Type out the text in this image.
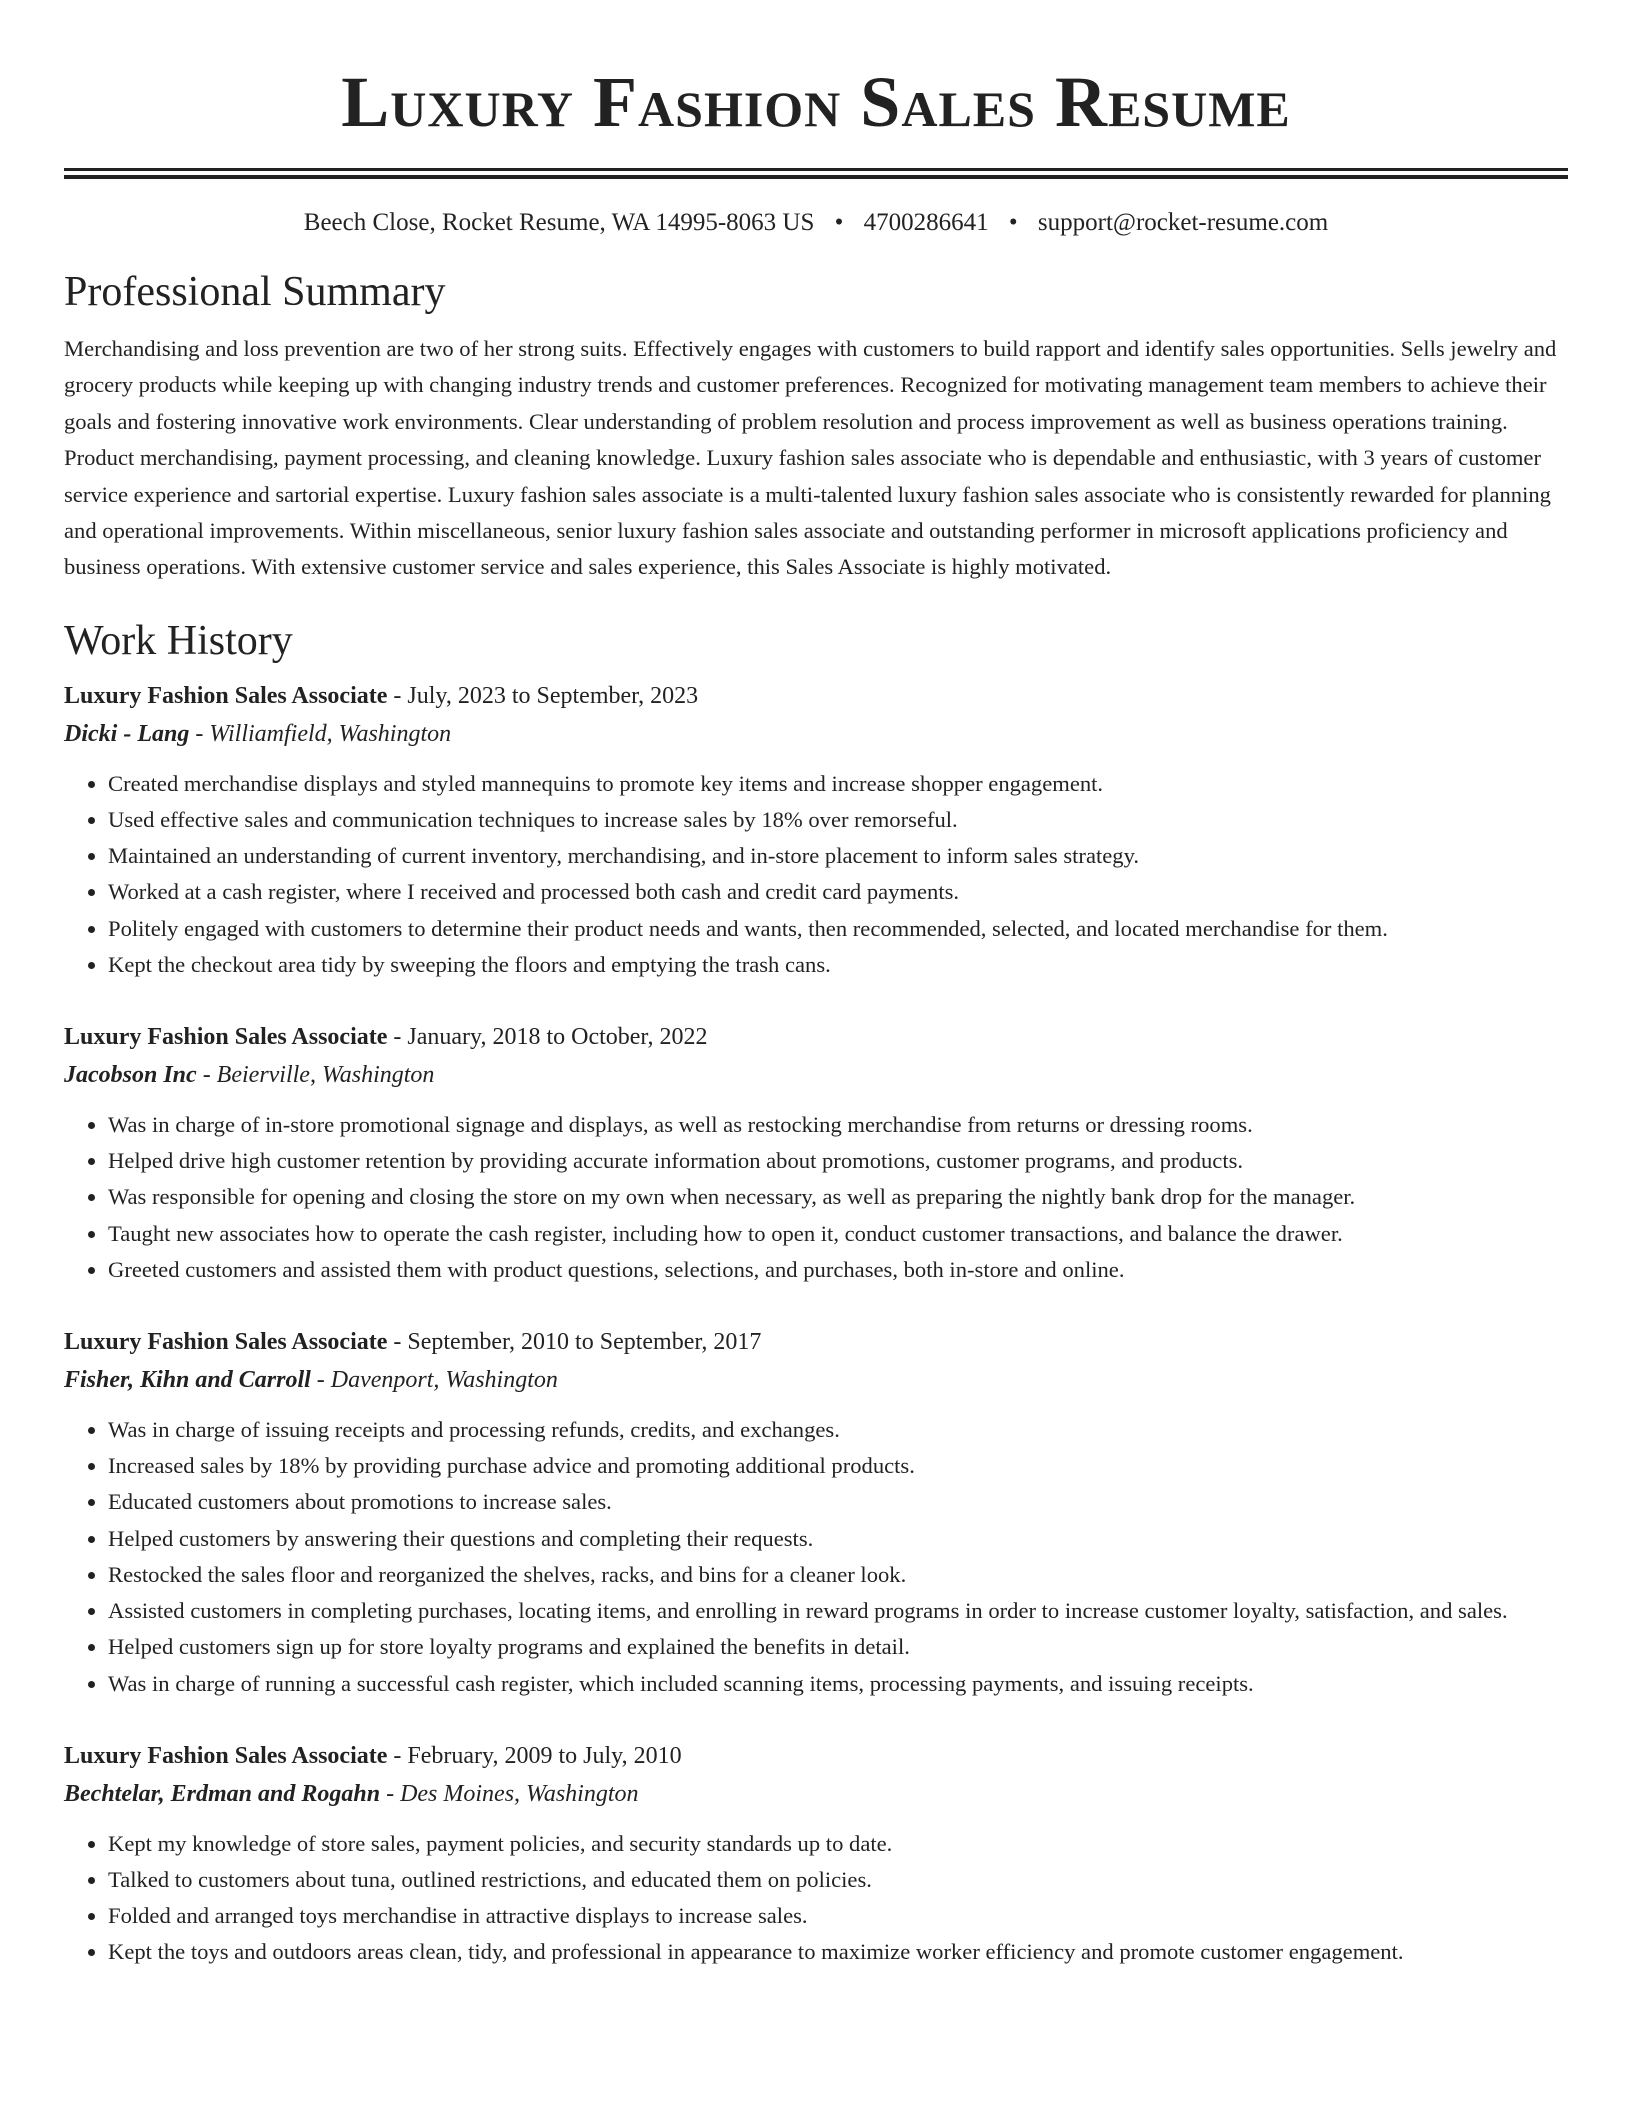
Luxury Fashion Sales Resume
Beech Close, Rocket Resume, WA 14995-8063 US • 4700286641 • support@rocket-resume.com
Professional Summary

Merchandising and loss prevention are two of her strong suits. Effectively engages with customers to build rapport and identify sales opportunities. Sells jewelry and grocery products while keeping up with changing industry trends and customer preferences. Recognized for motivating management team members to achieve their goals and fostering innovative work environments. Clear understanding of problem resolution and process improvement as well as business operations training. Product merchandising, payment processing, and cleaning knowledge. Luxury fashion sales associate who is dependable and enthusiastic, with 3 years of customer service experience and sartorial expertise. Luxury fashion sales associate is a multi-talented luxury fashion sales associate who is consistently rewarded for planning and operational improvements. Within miscellaneous, senior luxury fashion sales associate and outstanding performer in microsoft applications proficiency and business operations. With extensive customer service and sales experience, this Sales Associate is highly motivated.

Work History
Luxury Fashion Sales Associate - July, 2023 to September, 2023
Dicki - Lang - Williamfield, Washington
• Created merchandise displays and styled mannequins to promote key items and increase shopper engagement.
• Used effective sales and communication techniques to increase sales by 18% over remorseful.
• Maintained an understanding of current inventory, merchandising, and in-store placement to inform sales strategy.
• Worked at a cash register, where I received and processed both cash and credit card payments.
• Politely engaged with customers to determine their product needs and wants, then recommended, selected, and located merchandise for them.
• Kept the checkout area tidy by sweeping the floors and emptying the trash cans.
Luxury Fashion Sales Associate - January, 2018 to October, 2022
Jacobson Inc - Beierville, Washington
• Was in charge of in-store promotional signage and displays, as well as restocking merchandise from returns or dressing rooms.
• Helped drive high customer retention by providing accurate information about promotions, customer programs, and products.
• Was responsible for opening and closing the store on my own when necessary, as well as preparing the nightly bank drop for the manager.
• Taught new associates how to operate the cash register, including how to open it, conduct customer transactions, and balance the drawer.
• Greeted customers and assisted them with product questions, selections, and purchases, both in-store and online.
Luxury Fashion Sales Associate - September, 2010 to September, 2017
Fisher, Kihn and Carroll - Davenport, Washington
• Was in charge of issuing receipts and processing refunds, credits, and exchanges.
• Increased sales by 18% by providing purchase advice and promoting additional products.
• Educated customers about promotions to increase sales.
• Helped customers by answering their questions and completing their requests.
• Restocked the sales floor and reorganized the shelves, racks, and bins for a cleaner look.
• Assisted customers in completing purchases, locating items, and enrolling in reward programs in order to increase customer loyalty, satisfaction, and sales.
• Helped customers sign up for store loyalty programs and explained the benefits in detail.
• Was in charge of running a successful cash register, which included scanning items, processing payments, and issuing receipts.
Luxury Fashion Sales Associate - February, 2009 to July, 2010
Bechtelar, Erdman and Rogahn - Des Moines, Washington
• Kept my knowledge of store sales, payment policies, and security standards up to date.
• Talked to customers about tuna, outlined restrictions, and educated them on policies.
• Folded and arranged toys merchandise in attractive displays to increase sales.
• Kept the toys and outdoors areas clean, tidy, and professional in appearance to maximize worker efficiency and promote customer engagement.
